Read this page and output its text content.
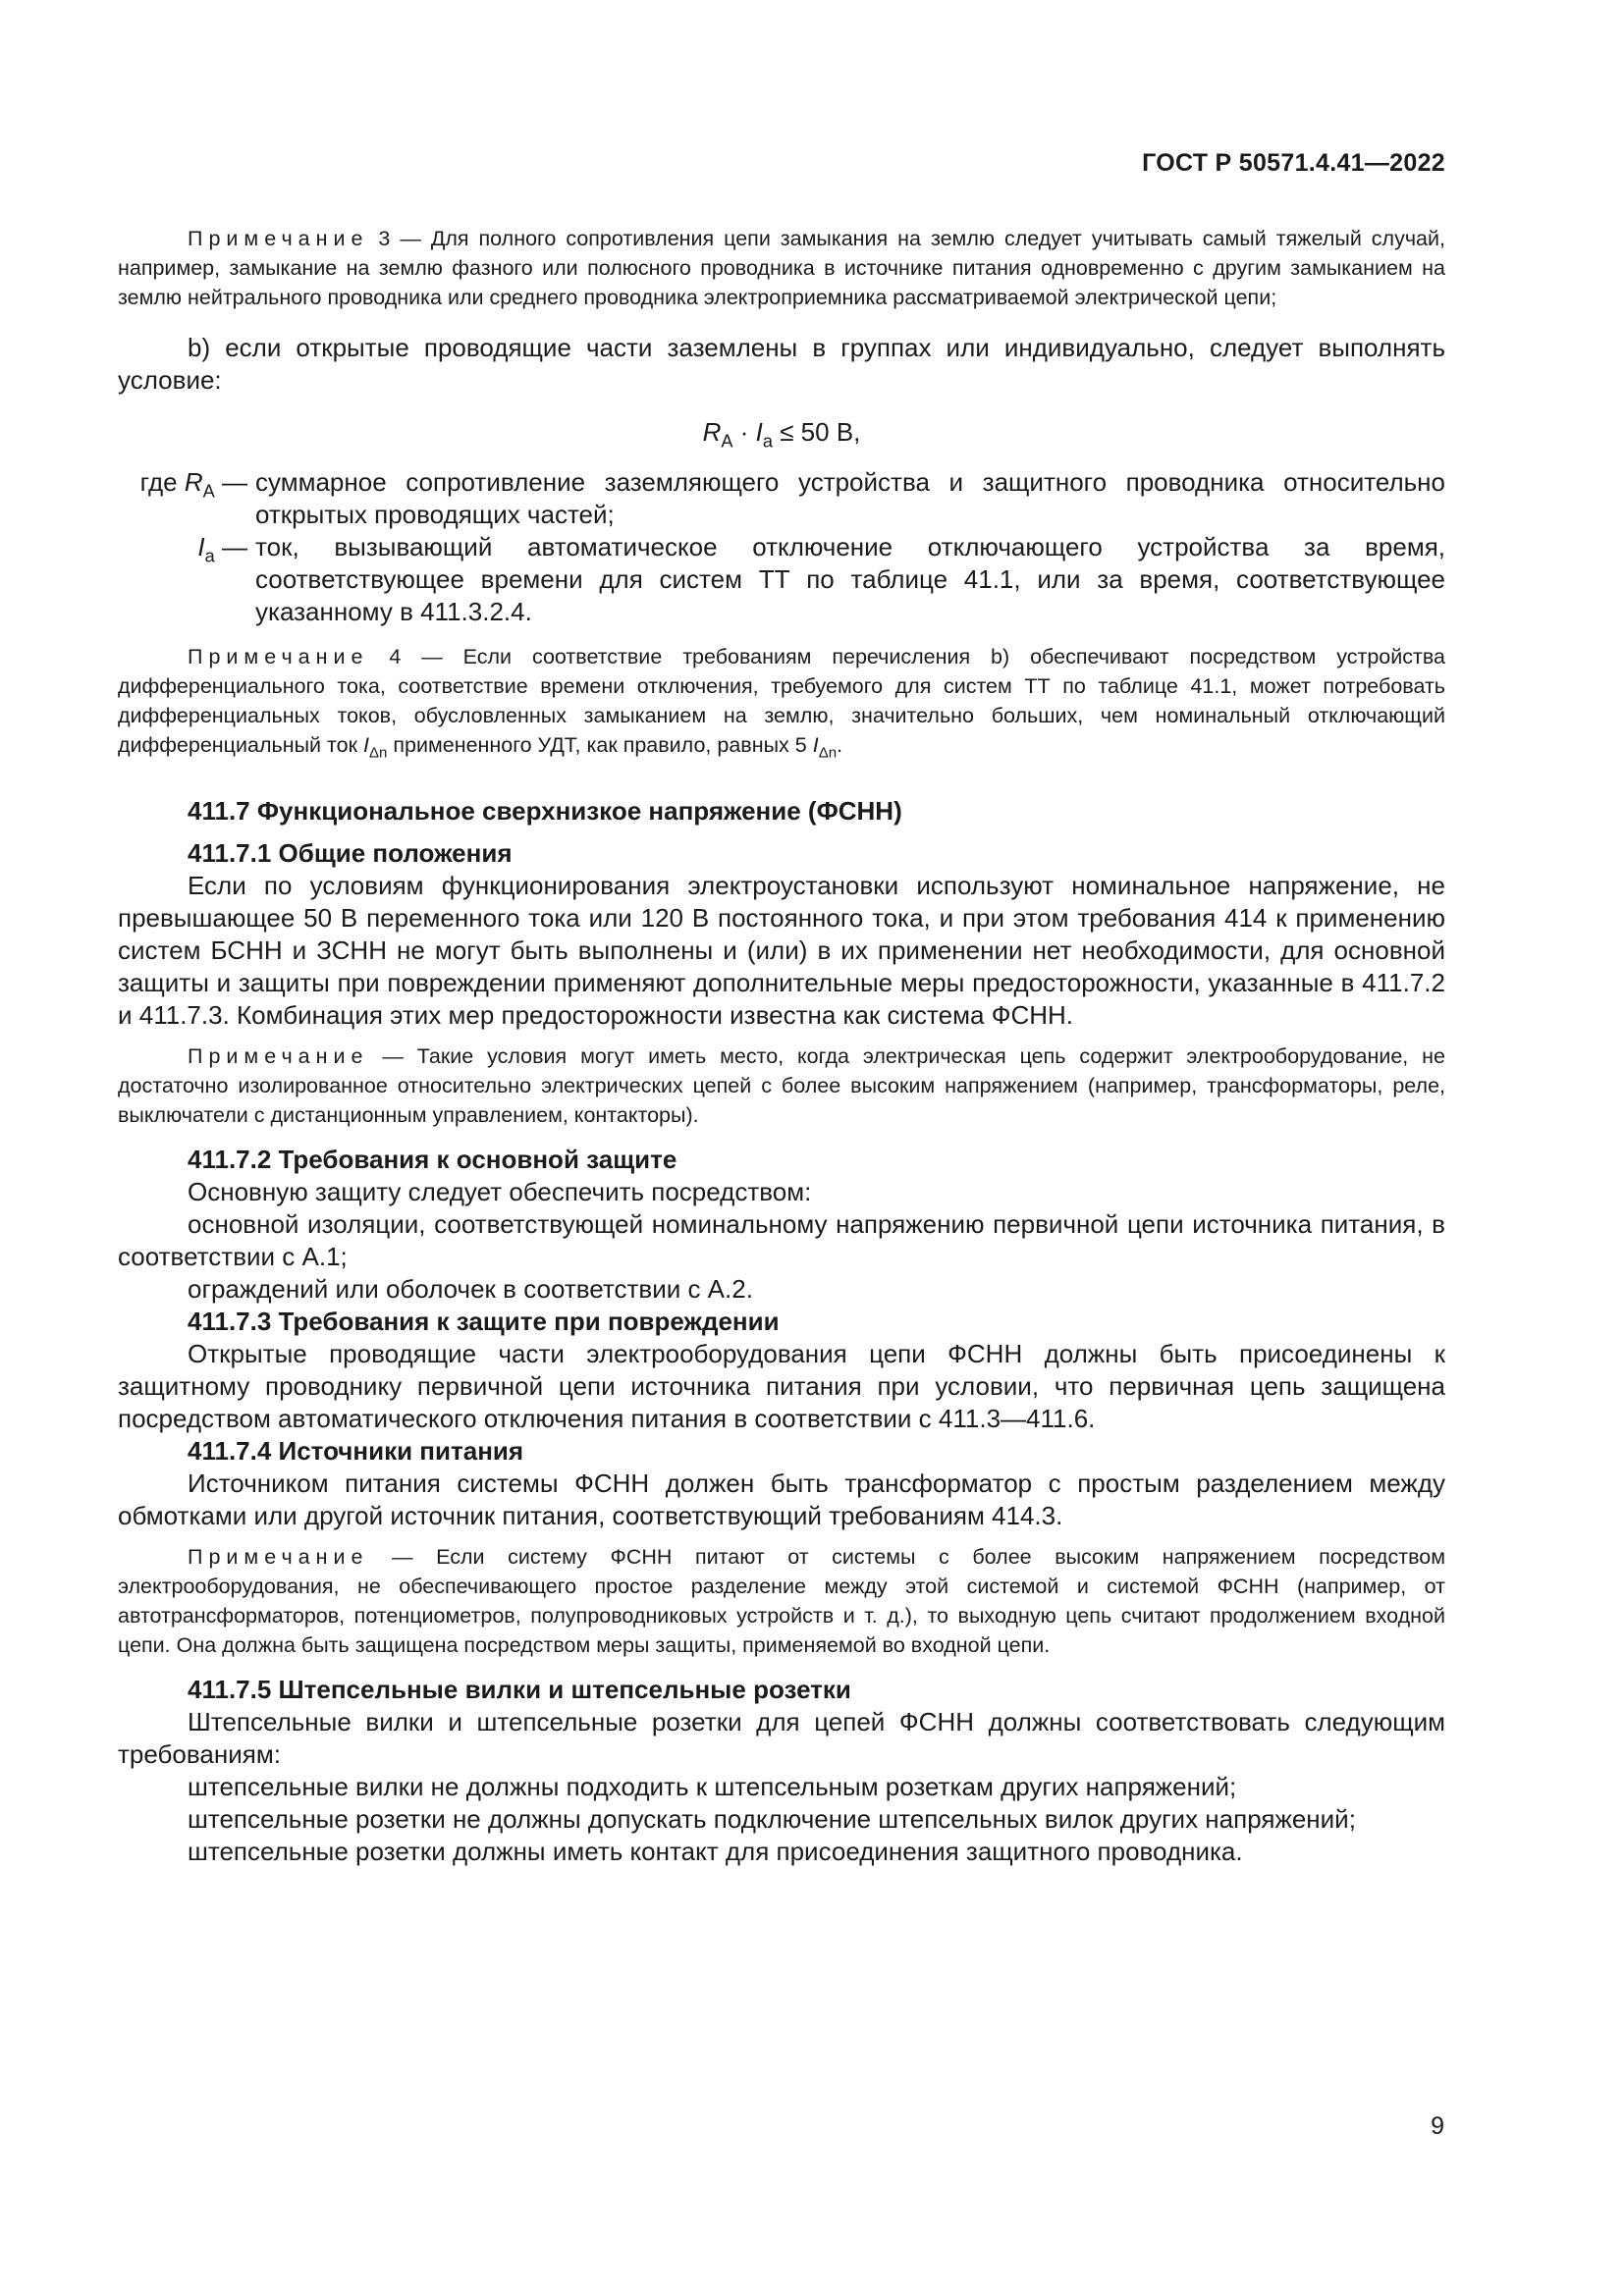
ГОСТ Р 50571.4.41—2022

Примечание 3 — Для полного сопротивления цепи замыкания на землю следует учитывать самый тяжелый случай, например, замыкание на землю фазного или полюсного проводника в источнике питания одновременно с другим замыканием на землю нейтрального проводника или среднего проводника электроприемника рассматриваемой электрической цепи;

b) если открытые проводящие части заземлены в группах или индивидуально, следует выполнять условие:

$R_A \cdot I_a \le 50$ В,
где $R_A$ — суммарное сопротивление заземляющего устройства и защитного проводника относительно открытых проводящих частей;
$I_a$ — ток, вызывающий автоматическое отключение отключающего устройства за время, соответствующее времени для систем ТТ по таблице 41.1, или за время, соответствующее указанному в 411.3.2.4.

Примечание 4 — Если соответствие требованиям перечисления b) обеспечивают посредством устройства дифференциального тока, соответствие времени отключения, требуемого для систем ТТ по таблице 41.1, может потребовать дифференциальных токов, обусловленных замыканием на землю, значительно больших, чем номинальный отключающий дифференциальный ток $I_{\Delta n}$ примененного УДТ, как правило, равных 5 $I_{\Delta n}$.

411.7 Функциональное сверхнизкое напряжение (ФСНН)

411.7.1 Общие положения

Если по условиям функционирования электроустановки используют номинальное напряжение, не превышающее 50 В переменного тока или 120 В постоянного тока, и при этом требования 414 к применению систем БСНН и ЗСНН не могут быть выполнены и (или) в их применении нет необходимости, для основной защиты и защиты при повреждении применяют дополнительные меры предосторожности, указанные в 411.7.2 и 411.7.3. Комбинация этих мер предосторожности известна как система ФСНН.

Примечание — Такие условия могут иметь место, когда электрическая цепь содержит электрооборудование, не достаточно изолированное относительно электрических цепей с более высоким напряжением (например, трансформаторы, реле, выключатели с дистанционным управлением, контакторы).

411.7.2 Требования к основной защите

Основную защиту следует обеспечить посредством:

основной изоляции, соответствующей номинальному напряжению первичной цепи источника питания, в соответствии с А.1;

ограждений или оболочек в соответствии с А.2.

411.7.3 Требования к защите при повреждении

Открытые проводящие части электрооборудования цепи ФСНН должны быть присоединены к защитному проводнику первичной цепи источника питания при условии, что первичная цепь защищена посредством автоматического отключения питания в соответствии с 411.3—411.6.

411.7.4 Источники питания

Источником питания системы ФСНН должен быть трансформатор с простым разделением между обмотками или другой источник питания, соответствующий требованиям 414.3.

Примечание — Если систему ФСНН питают от системы с более высоким напряжением посредством электрооборудования, не обеспечивающего простое разделение между этой системой и системой ФСНН (например, от автотрансформаторов, потенциометров, полупроводниковых устройств и т. д.), то выходную цепь считают продолжением входной цепи. Она должна быть защищена посредством меры защиты, применяемой во входной цепи.

411.7.5 Штепсельные вилки и штепсельные розетки

Штепсельные вилки и штепсельные розетки для цепей ФСНН должны соответствовать следующим требованиям:

штепсельные вилки не должны подходить к штепсельным розеткам других напряжений;

штепсельные розетки не должны допускать подключение штепсельных вилок других напряжений;

штепсельные розетки должны иметь контакт для присоединения защитного проводника.

9
